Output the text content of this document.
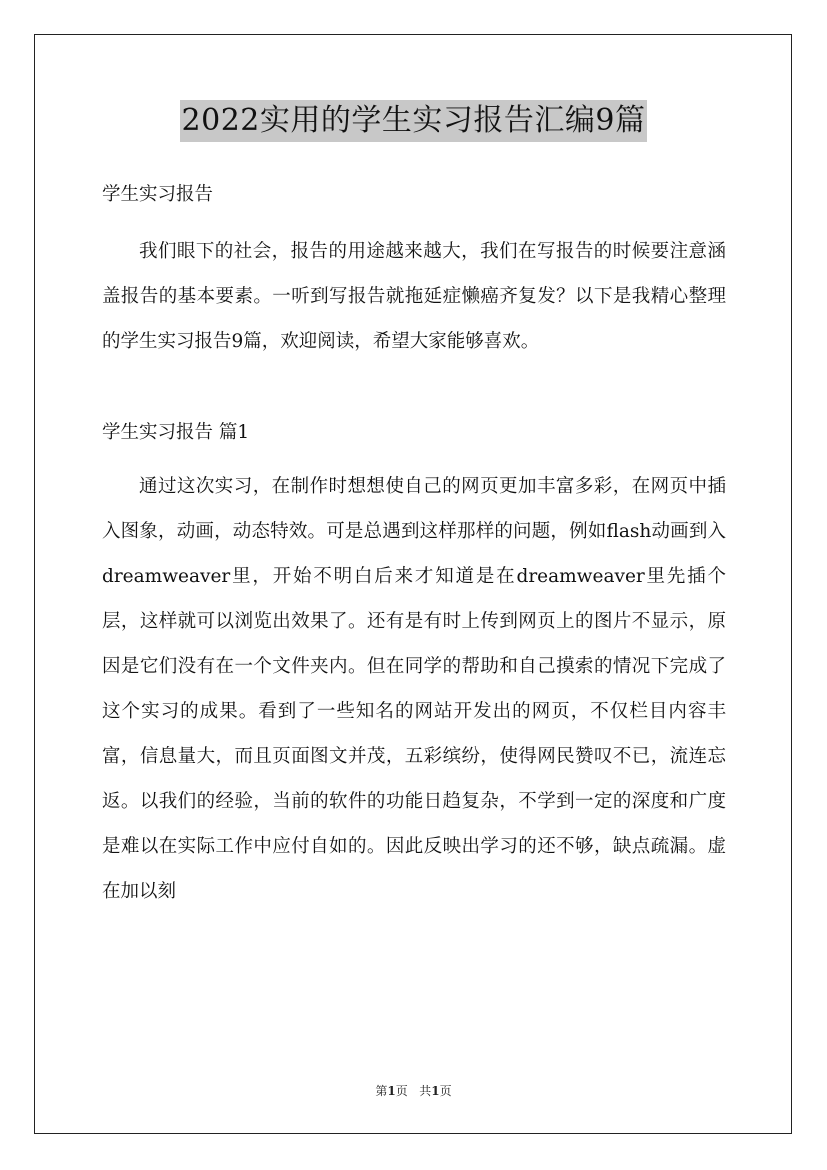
2022实用的学生实习报告汇编9篇

学生实习报告

我们眼下的社会，报告的用途越来越大，我们在写报告的时候要注意涵盖报告的基本要素。一听到写报告就拖延症懒癌齐复发？以下是我精心整理的学生实习报告9篇，欢迎阅读，希望大家能够喜欢。

学生实习报告 篇1

通过这次实习，在制作时想想使自己的网页更加丰富多彩，在网页中插入图象，动画，动态特效。可是总遇到这样那样的问题，例如flash动画到入dreamweaver里，开始不明白后来才知道是在dreamweaver里先插个层，这样就可以浏览出效果了。还有是有时上传到网页上的图片不显示，原因是它们没有在一个文件夹内。但在同学的帮助和自己摸索的情况下完成了这个实习的成果。看到了一些知名的网站开发出的网页，不仅栏目内容丰富，信息量大，而且页面图文并茂，五彩缤纷，使得网民赞叹不已，流连忘返。以我们的经验，当前的软件的功能日趋复杂，不学到一定的深度和广度是难以在实际工作中应付自如的。因此反映出学习的还不够，缺点疏漏。虚在加以刻

第1页 共1页
